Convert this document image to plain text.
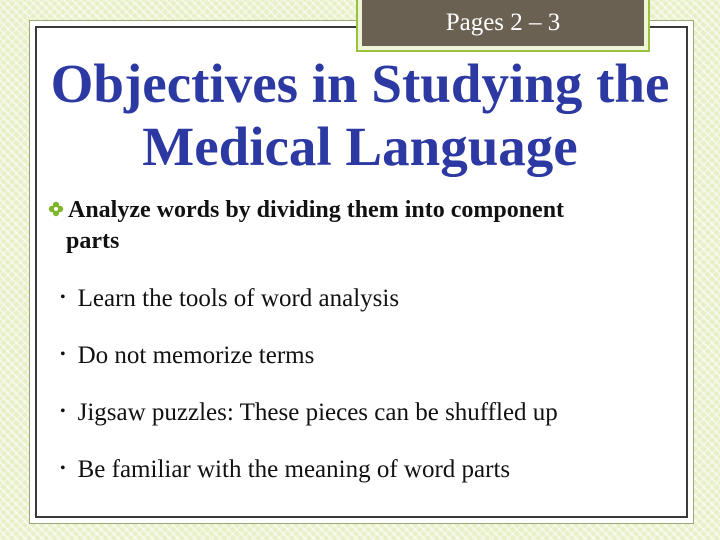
Pages 2 – 3
Objectives in Studying the Medical Language
Analyze words by dividing them into component
parts
• Learn the tools of word analysis
• Do not memorize terms
• Jigsaw puzzles: These pieces can be shuffled up
• Be familiar with the meaning of word parts
